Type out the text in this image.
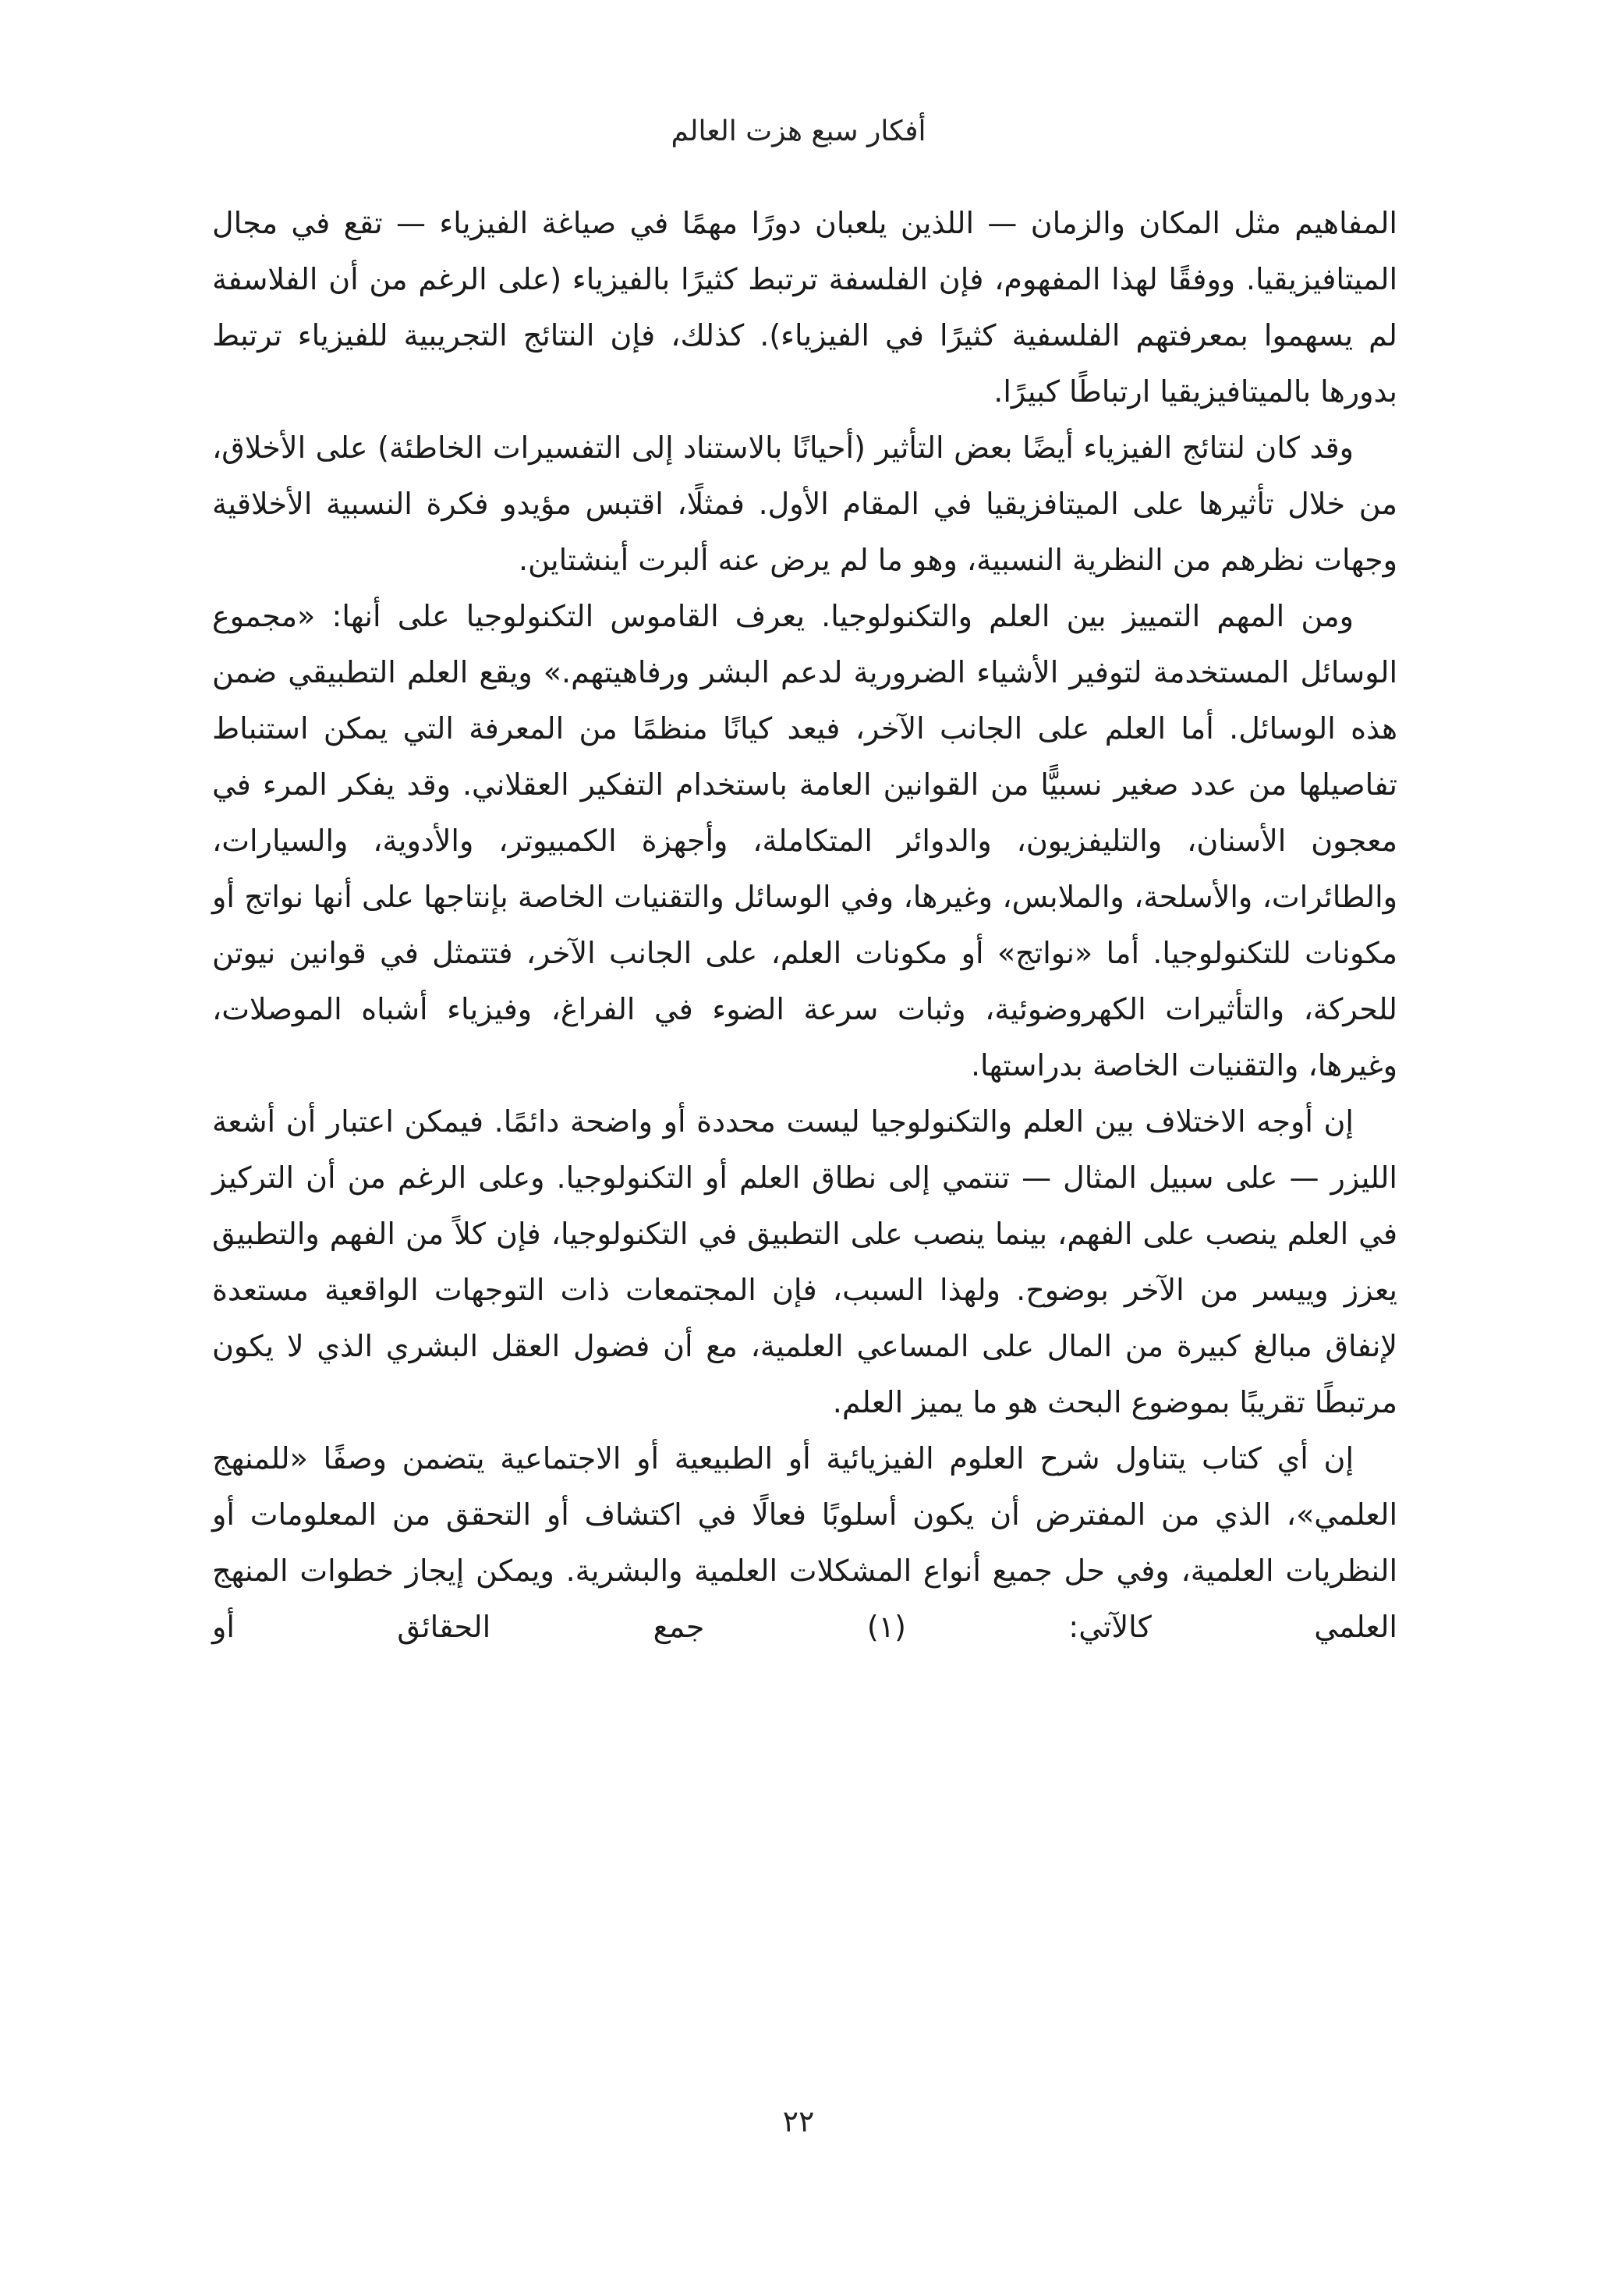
أفكار سبع هزت العالم

المفاهيم مثل المكان والزمان — اللذين يلعبان دورًا مهمًا في صياغة الفيزياء — تقع في مجال الميتافيزيقيا. ووفقًا لهذا المفهوم، فإن الفلسفة ترتبط كثيرًا بالفيزياء (على الرغم من أن الفلاسفة لم يسهموا بمعرفتهم الفلسفية كثيرًا في الفيزياء). كذلك، فإن النتائج التجريبية للفيزياء ترتبط بدورها بالميتافيزيقيا ارتباطًا كبيرًا.

وقد كان لنتائج الفيزياء أيضًا بعض التأثير (أحيانًا بالاستناد إلى التفسيرات الخاطئة) على الأخلاق، من خلال تأثيرها على الميتافزيقيا في المقام الأول. فمثلًا، اقتبس مؤيدو فكرة النسبية الأخلاقية وجهات نظرهم من النظرية النسبية، وهو ما لم يرض عنه ألبرت أينشتاين.

ومن المهم التمييز بين العلم والتكنولوجيا. يعرف القاموس التكنولوجيا على أنها: «مجموع الوسائل المستخدمة لتوفير الأشياء الضرورية لدعم البشر ورفاهيتهم.» ويقع العلم التطبيقي ضمن هذه الوسائل. أما العلم على الجانب الآخر، فيعد كيانًا منظمًا من المعرفة التي يمكن استنباط تفاصيلها من عدد صغير نسبيًّا من القوانين العامة باستخدام التفكير العقلاني. وقد يفكر المرء في معجون الأسنان، والتليفزيون، والدوائر المتكاملة، وأجهزة الكمبيوتر، والأدوية، والسيارات، والطائرات، والأسلحة، والملابس، وغيرها، وفي الوسائل والتقنيات الخاصة بإنتاجها على أنها نواتج أو مكونات للتكنولوجيا. أما «نواتج» أو مكونات العلم، على الجانب الآخر، فتتمثل في قوانين نيوتن للحركة، والتأثيرات الكهروضوئية، وثبات سرعة الضوء في الفراغ، وفيزياء أشباه الموصلات، وغيرها، والتقنيات الخاصة بدراستها.

إن أوجه الاختلاف بين العلم والتكنولوجيا ليست محددة أو واضحة دائمًا. فيمكن اعتبار أن أشعة الليزر — على سبيل المثال — تنتمي إلى نطاق العلم أو التكنولوجيا. وعلى الرغم من أن التركيز في العلم ينصب على الفهم، بينما ينصب على التطبيق في التكنولوجيا، فإن كلاً من الفهم والتطبيق يعزز وييسر من الآخر بوضوح. ولهذا السبب، فإن المجتمعات ذات التوجهات الواقعية مستعدة لإنفاق مبالغ كبيرة من المال على المساعي العلمية، مع أن فضول العقل البشري الذي لا يكون مرتبطًا تقريبًا بموضوع البحث هو ما يميز العلم.

إن أي كتاب يتناول شرح العلوم الفيزيائية أو الطبيعية أو الاجتماعية يتضمن وصفًا «للمنهج العلمي»، الذي من المفترض أن يكون أسلوبًا فعالًا في اكتشاف أو التحقق من المعلومات أو النظريات العلمية، وفي حل جميع أنواع المشكلات العلمية والبشرية. ويمكن إيجاز خطوات المنهج العلمي كالآتي: (١) جمع الحقائق أو

٢٢
